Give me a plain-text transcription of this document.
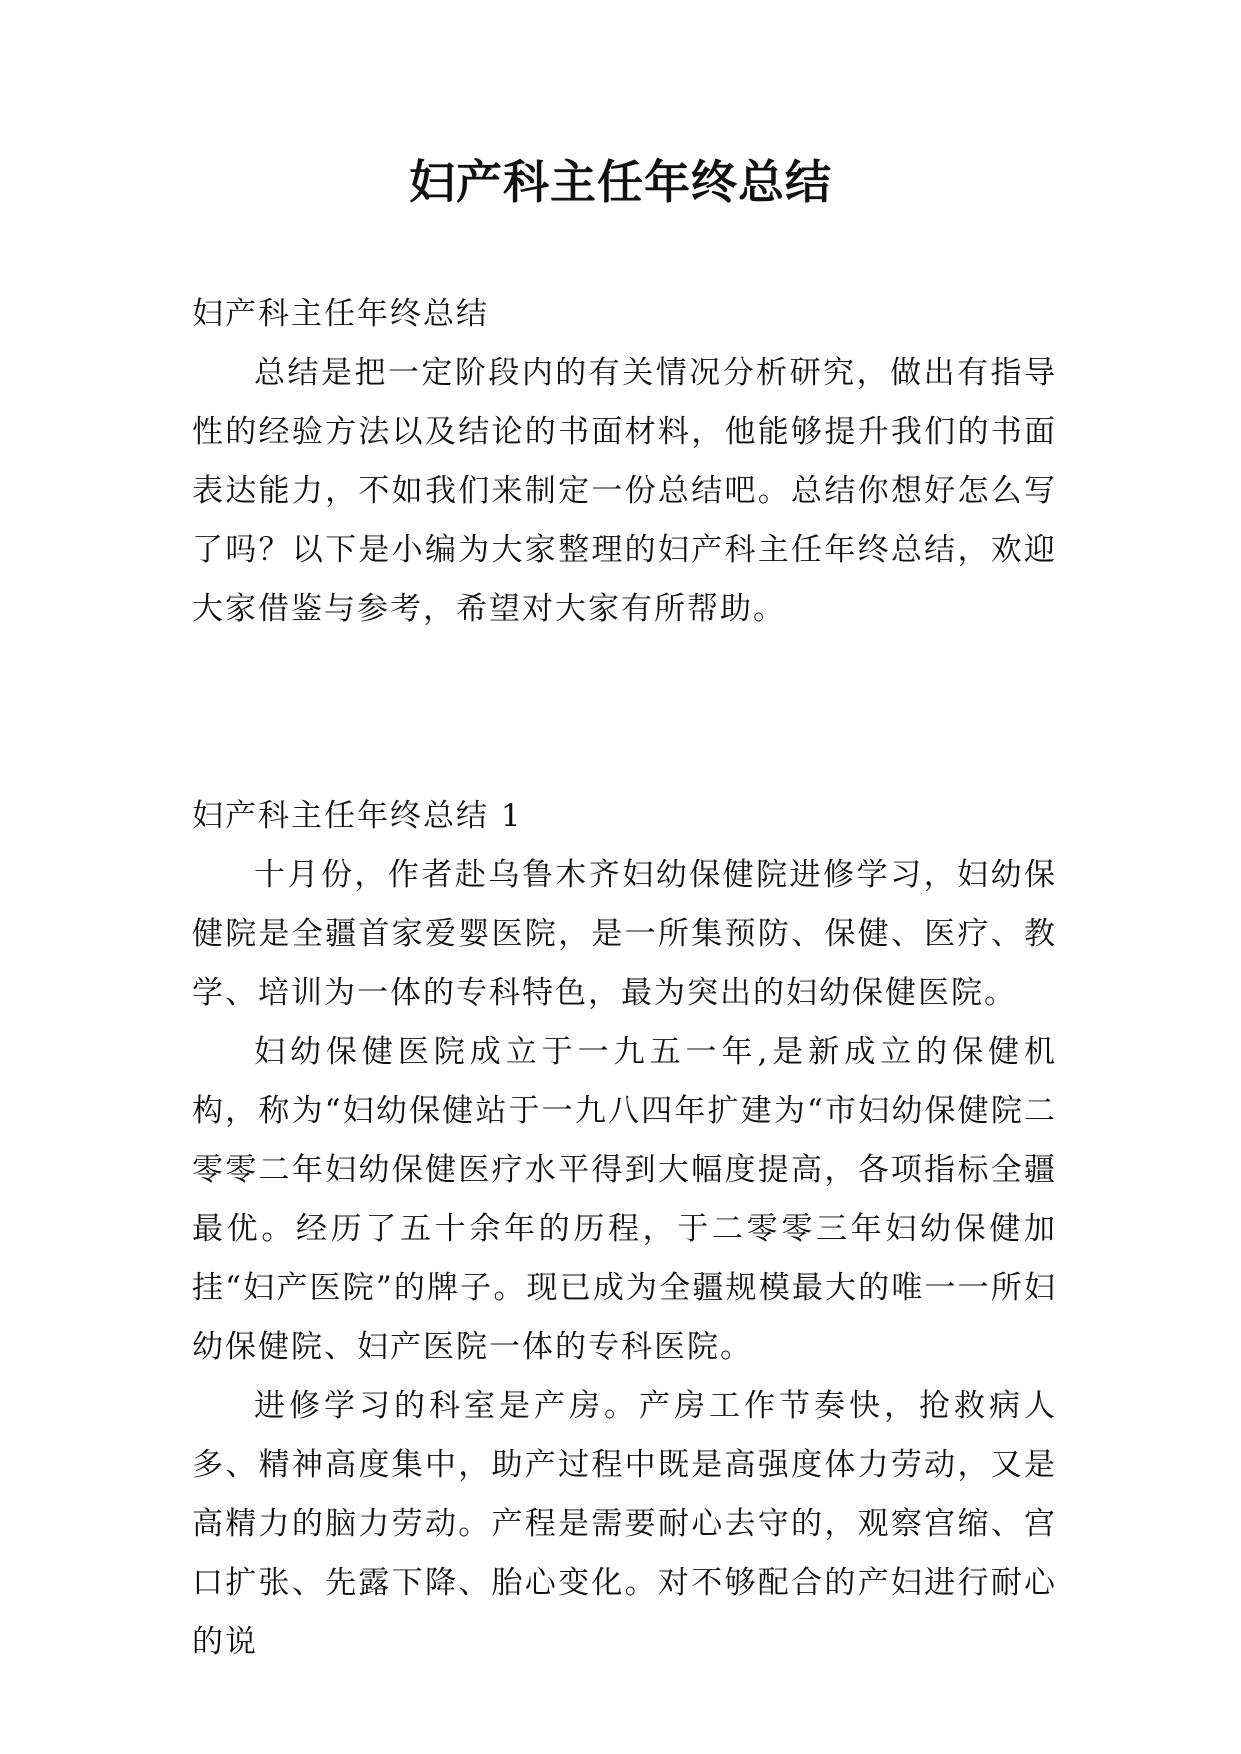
妇产科主任年终总结

妇产科主任年终总结

总结是把一定阶段内的有关情况分析研究，做出有指导性的经验方法以及结论的书面材料，他能够提升我们的书面表达能力，不如我们来制定一份总结吧。总结你想好怎么写了吗？以下是小编为大家整理的妇产科主任年终总结，欢迎大家借鉴与参考，希望对大家有所帮助。

妇产科主任年终总结 1

十月份，作者赴乌鲁木齐妇幼保健院进修学习，妇幼保健院是全疆首家爱婴医院，是一所集预防、保健、医疗、教学、培训为一体的专科特色，最为突出的妇幼保健医院。

妇幼保健医院成立于一九五一年,是新成立的保健机构，称为“妇幼保健站于一九八四年扩建为“市妇幼保健院二零零二年妇幼保健医疗水平得到大幅度提高，各项指标全疆最优。经历了五十余年的历程，于二零零三年妇幼保健加挂“妇产医院”的牌子。现已成为全疆规模最大的唯一一所妇幼保健院、妇产医院一体的专科医院。

进修学习的科室是产房。产房工作节奏快，抢救病人多、精神高度集中，助产过程中既是高强度体力劳动，又是高精力的脑力劳动。产程是需要耐心去守的，观察宫缩、宫口扩张、先露下降、胎心变化。对不够配合的产妇进行耐心的说
